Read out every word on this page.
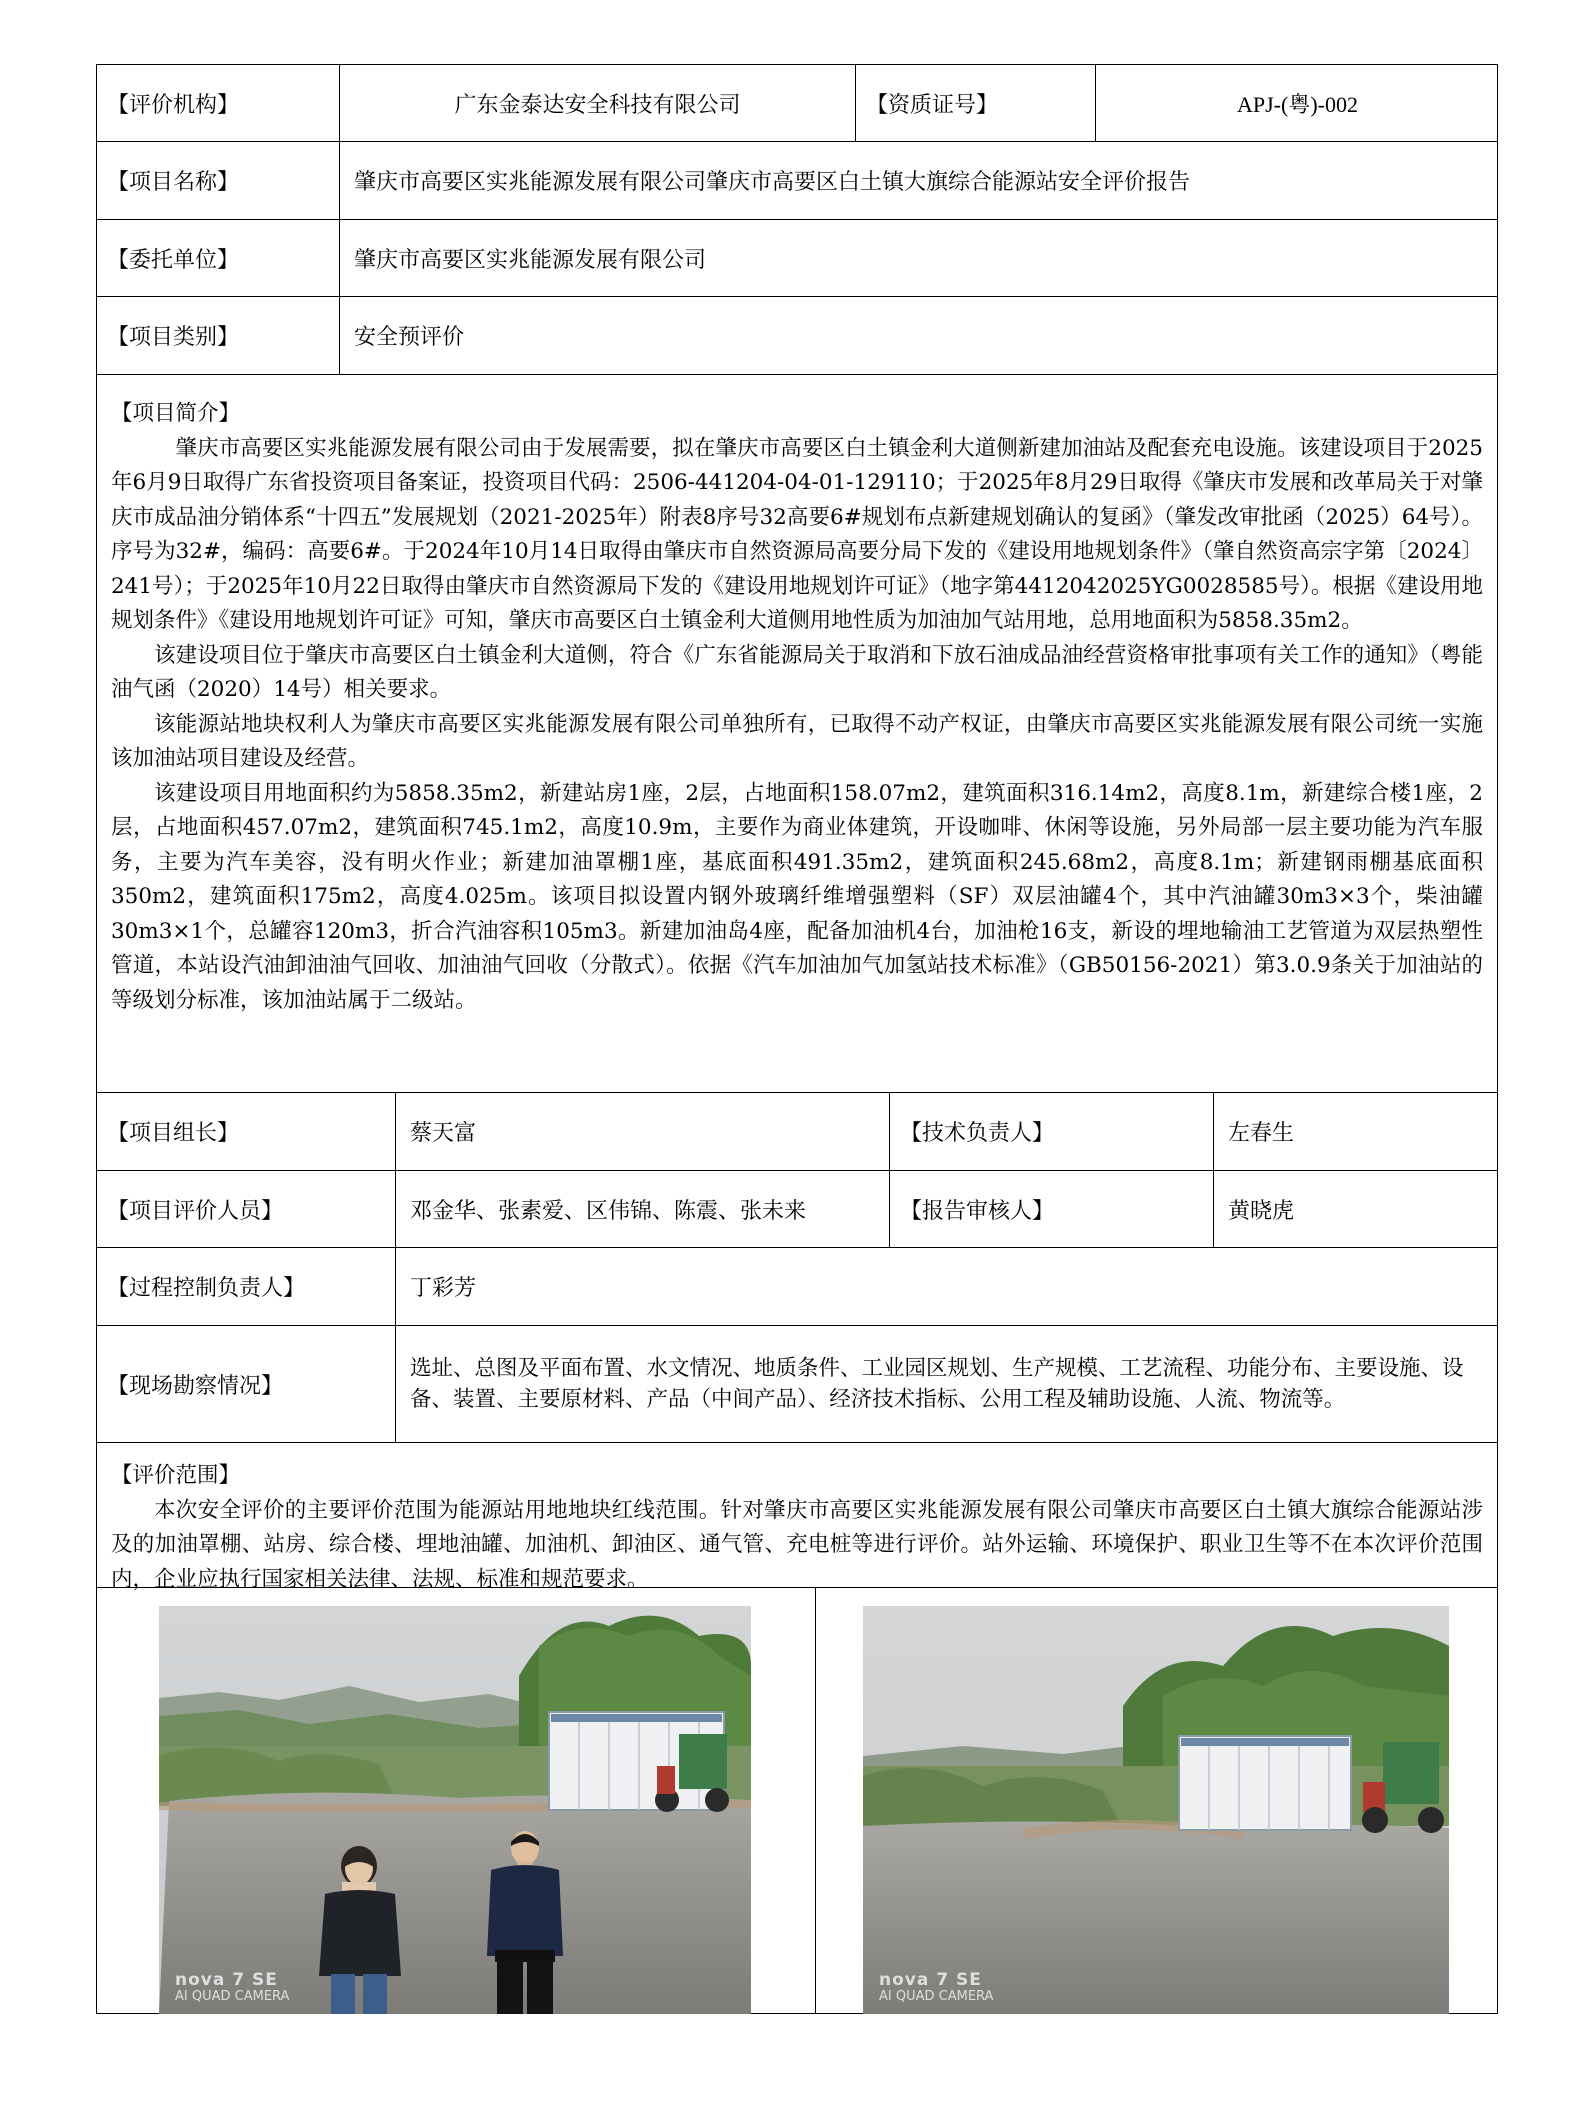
【评价机构】	广东金泰达安全科技有限公司	【资质证号】	APJ-(粤)-002
【项目名称】	肇庆市高要区实兆能源发展有限公司肇庆市高要区白土镇大旗综合能源站安全评价报告
【委托单位】	肇庆市高要区实兆能源发展有限公司
【项目类别】	安全预评价

【项目简介】

肇庆市高要区实兆能源发展有限公司由于发展需要，拟在肇庆市高要区白土镇金利大道侧新建加油站及配套充电设施。该建设项目于2025年6月9日取得广东省投资项目备案证，投资项目代码：2506-441204-04-01-129110；于2025年8月29日取得《肇庆市发展和改革局关于对肇庆市成品油分销体系“十四五”发展规划（2021-2025年）附表8序号32高要6#规划布点新建规划确认的复函》（肇发改审批函（2025）64号）。序号为32#，编码：高要6#。于2024年10月14日取得由肇庆市自然资源局高要分局下发的《建设用地规划条件》（肇自然资高宗字第〔2024〕241号）；于2025年10月22日取得由肇庆市自然资源局下发的《建设用地规划许可证》（地字第4412042025YG0028585号）。根据《建设用地规划条件》《建设用地规划许可证》可知，肇庆市高要区白土镇金利大道侧用地性质为加油加气站用地，总用地面积为5858.35m2。

该建设项目位于肇庆市高要区白土镇金利大道侧，符合《广东省能源局关于取消和下放石油成品油经营资格审批事项有关工作的通知》（粤能油气函（2020）14号）相关要求。

该能源站地块权利人为肇庆市高要区实兆能源发展有限公司单独所有，已取得不动产权证，由肇庆市高要区实兆能源发展有限公司统一实施该加油站项目建设及经营。

该建设项目用地面积约为5858.35m2，新建站房1座，2层，占地面积158.07m2，建筑面积316.14m2，高度8.1m，新建综合楼1座，2层，占地面积457.07m2，建筑面积745.1m2，高度10.9m，主要作为商业体建筑，开设咖啡、休闲等设施，另外局部一层主要功能为汽车服务，主要为汽车美容，没有明火作业；新建加油罩棚1座，基底面积491.35m2，建筑面积245.68m2，高度8.1m；新建钢雨棚基底面积350m2，建筑面积175m2，高度4.025m。该项目拟设置内钢外玻璃纤维增强塑料（SF）双层油罐4个，其中汽油罐30m3×3个，柴油罐30m3×1个，总罐容120m3，折合汽油容积105m3。新建加油岛4座，配备加油机4台，加油枪16支，新设的埋地输油工艺管道为双层热塑性管道，本站设汽油卸油油气回收、加油油气回收（分散式）。依据《汽车加油加气加氢站技术标准》（GB50156-2021）第3.0.9条关于加油站的等级划分标准，该加油站属于二级站。

【项目组长】	蔡天富	【技术负责人】	左春生
【项目评价人员】	邓金华、张素爱、区伟锦、陈震、张未来	【报告审核人】	黄晓虎
【过程控制负责人】	丁彩芳
【现场勘察情况】
选址、总图及平面布置、水文情况、地质条件、工业园区规划、生产规模、工艺流程、功能分布、主要设施、设备、装置、主要原材料、产品（中间产品）、经济技术指标、公用工程及辅助设施、人流、物流等。

【评价范围】

本次安全评价的主要评价范围为能源站用地地块红线范围。针对肇庆市高要区实兆能源发展有限公司肇庆市高要区白土镇大旗综合能源站涉及的加油罩棚、站房、综合楼、埋地油罐、加油机、卸油区、通气管、充电桩等进行评价。站外运输、环境保护、职业卫生等不在本次评价范围内，企业应执行国家相关法律、法规、标准和规范要求。

nova 7 SE
AI QUAD CAMERA
nova 7 SE
AI QUAD CAMERA
